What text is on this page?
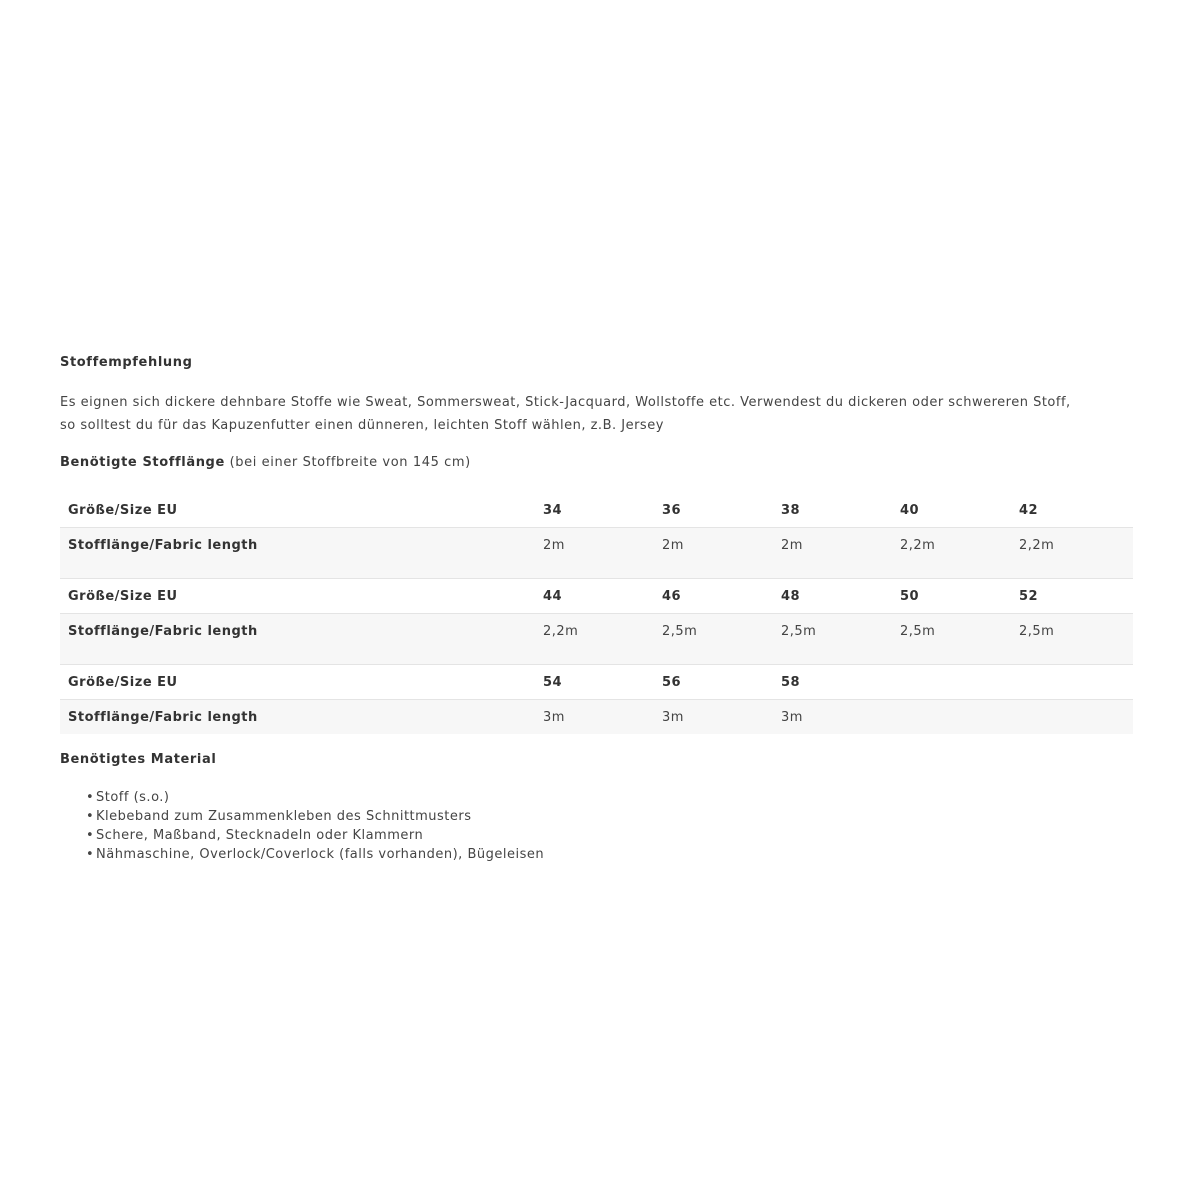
Stoffempfehlung

Es eignen sich dickere dehnbare Stoffe wie Sweat, Sommersweat, Stick-Jacquard, Wollstoffe etc. Verwendest du dickeren oder schwereren Stoff,
so solltest du für das Kapuzenfutter einen dünneren, leichten Stoff wählen, z.B. Jersey

Benötigte Stofflänge (bei einer Stoffbreite von 145 cm)

Größe/Size EU	34	36	38	40	42
Stofflänge/Fabric length	2m	2m	2m	2,2m	2,2m
Größe/Size EU	44	46	48	50	52
Stofflänge/Fabric length	2,2m	2,5m	2,5m	2,5m	2,5m
Größe/Size EU	54	56	58
Stofflänge/Fabric length	3m	3m	3m
Benötigtes Material
• Stoff (s.o.)
• Klebeband zum Zusammenkleben des Schnittmusters
• Schere, Maßband, Stecknadeln oder Klammern
• Nähmaschine, Overlock/Coverlock (falls vorhanden), Bügeleisen
